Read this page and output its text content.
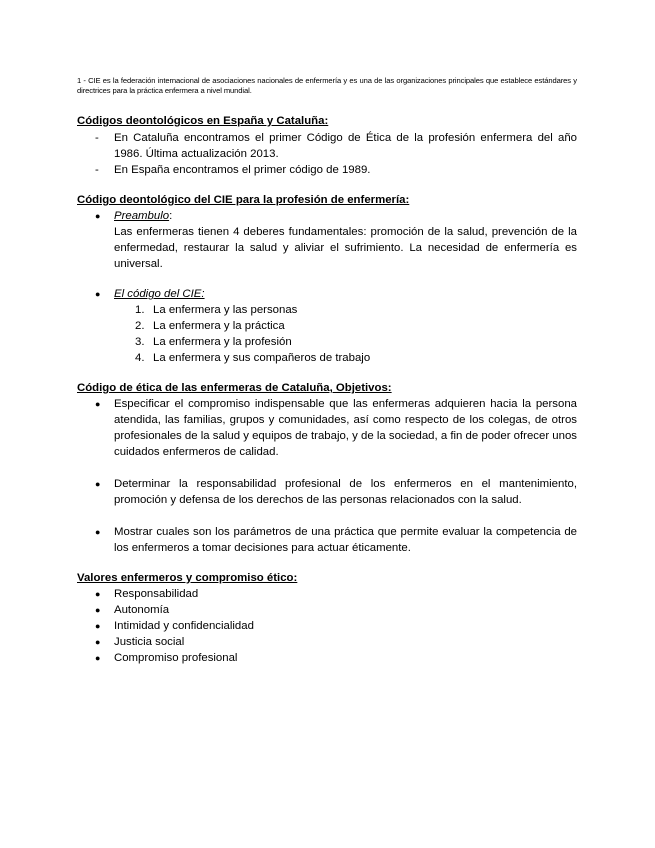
1 - CIE es la federación internacional de asociaciones nacionales de enfermería y es una de las organizaciones principales que establece estándares y directrices para la práctica enfermera a nivel mundial.
Códigos deontológicos en España y Cataluña:
-	En Cataluña encontramos el primer Código de Ética de la profesión enfermera del año 1986. Última actualización 2013.
-	En España encontramos el primer código de 1989.
Código deontológico del CIE para la profesión de enfermería:
●	Preambulo:
Las enfermeras tienen 4 deberes fundamentales: promoción de la salud, prevención de la enfermedad, restaurar la salud y aliviar el sufrimiento. La necesidad de enfermería es universal.
●	El código del CIE:
1. La enfermera y las personas
2. La enfermera y la práctica
3. La enfermera y la profesión
4. La enfermera y sus compañeros de trabajo
Código de ética de las enfermeras de Cataluña, Objetivos:
●	Especificar el compromiso indispensable que las enfermeras adquieren hacia la persona atendida, las familias, grupos y comunidades, así como respecto de los colegas, de otros profesionales de la salud y equipos de trabajo, y de la sociedad, a fin de poder ofrecer unos cuidados enfermeros de calidad.
●	Determinar la responsabilidad profesional de los enfermeros en el mantenimiento, promoción y defensa de los derechos de las personas relacionados con la salud.
●	Mostrar cuales son los parámetros de una práctica que permite evaluar la competencia de los enfermeros a tomar decisiones para actuar éticamente.
Valores enfermeros y compromiso ético:
●	Responsabilidad
●	Autonomía
●	Intimidad y confidencialidad
●	Justicia social
●	Compromiso profesional
